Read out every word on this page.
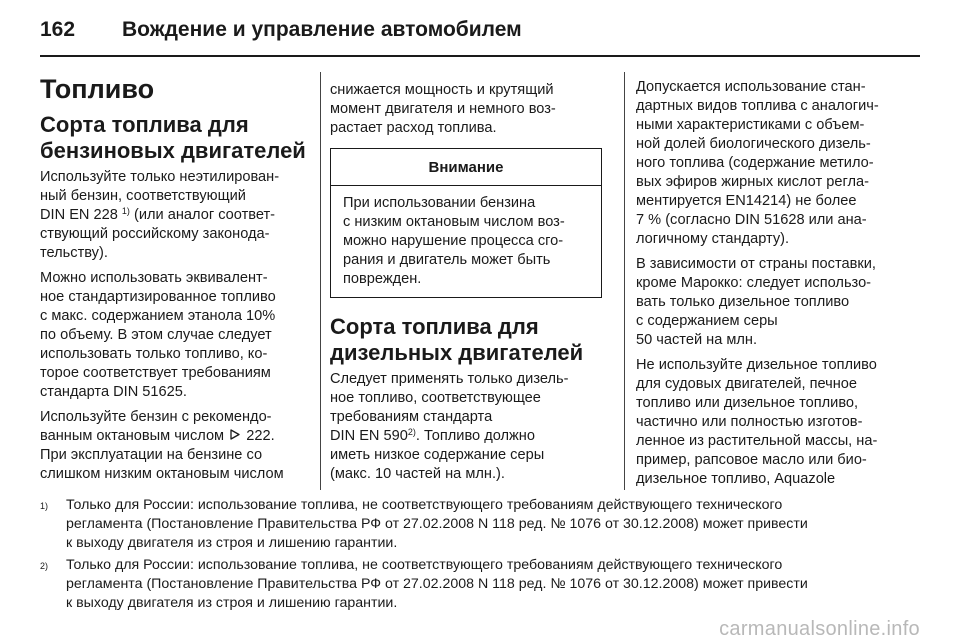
162	Вождение и управление автомобилем
Топливо
Сорта топлива для
бензиновых двигателей
Используйте только неэтилирован-
ный бензин, соответствующий
DIN EN 228 $^{1)}$ (или аналог соответ-
ствующий российскому законода-
тельству).
Можно использовать эквивалент-
ное стандартизированное топливо
с макс. содержанием этанола 10%
по объему. В этом случае следует
использовать только топливо, ко-
торое соответствует требованиям
стандарта DIN 51625.
Используйте бензин с рекомендо-
ванным октановым числом 222.
При эксплуатации на бензине со
слишком низким октановым числом
снижается мощность и крутящий
момент двигателя и немного воз-
растает расход топлива.
Внимание
При использовании бензина
с низким октановым числом воз-
можно нарушение процесса сго-
рания и двигатель может быть
поврежден.
Сорта топлива для
дизельных двигателей
Следует применять только дизель-
ное топливо, соответствующее
требованиям стандарта
DIN EN 590$^{2)}$. Топливо должно
иметь низкое содержание серы
(макс. 10 частей на млн.).
Допускается использование стан-
дартных видов топлива с аналогич-
ными характеристиками с объем-
ной долей биологического дизель-
ного топлива (содержание метило-
вых эфиров жирных кислот регла-
ментируется EN14214) не более
7 % (согласно DIN 51628 или ана-
логичному стандарту).
В зависимости от страны поставки,
кроме Марокко: следует использо-
вать только дизельное топливо
с содержанием серы
50 частей на млн.
Не используйте дизельное топливо
для судовых двигателей, печное
топливо или дизельное топливо,
частично или полностью изготов-
ленное из растительной массы, на-
пример, рапсовое масло или био-
дизельное топливо, Aquazole
1)	Только для России: использование топлива, не соответствующего требованиям действующего технического
регламента (Постановление Правительства РФ от 27.02.2008 N 118 ред. № 1076 от 30.12.2008) может привести
к выходу двигателя из строя и лишению гарантии.
2)	Только для России: использование топлива, не соответствующего требованиям действующего технического
регламента (Постановление Правительства РФ от 27.02.2008 N 118 ред. № 1076 от 30.12.2008) может привести
к выходу двигателя из строя и лишению гарантии.
carmanualsonline.info
